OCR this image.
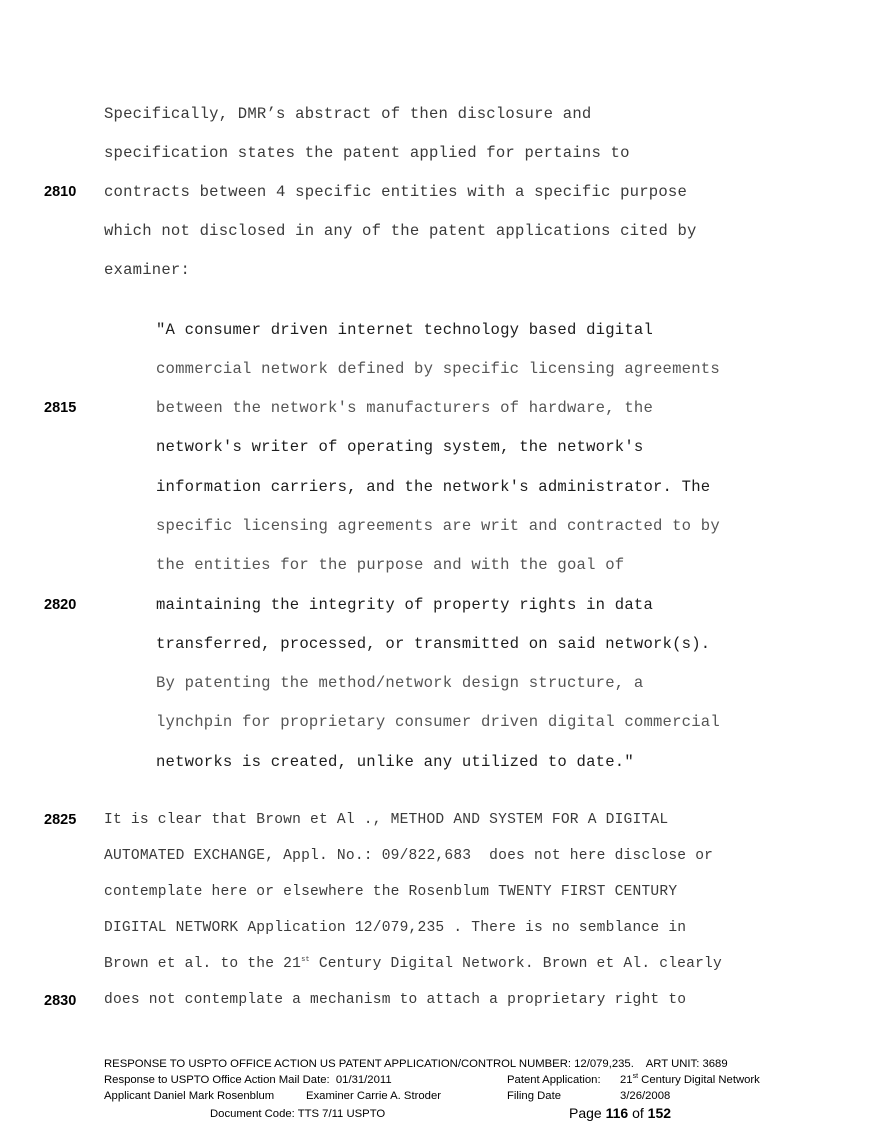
Specifically, DMR’s abstract of then disclosure and
specification states the patent applied for pertains to
2810 contracts between 4 specific entities with a specific purpose
which not disclosed in any of the patent applications cited by
examiner:
"A consumer driven internet technology based digital
commercial network defined by specific licensing agreements
2815	between the network's manufacturers of hardware, the
network's writer of operating system, the network's
information carriers, and the network's administrator. The
specific licensing agreements are writ and contracted to by
the entities for the purpose and with the goal of
2820	maintaining the integrity of property rights in data
transferred, processed, or transmitted on said network(s).
By patenting the method/network design structure, a
lynchpin for proprietary consumer driven digital commercial
networks is created, unlike any utilized to date."
2825 It is clear that Brown et Al ., METHOD AND SYSTEM FOR A DIGITAL
AUTOMATED EXCHANGE, Appl. No.: 09/822,683  does not here disclose or
contemplate here or elsewhere the Rosenblum TWENTY FIRST CENTURY
DIGITAL NETWORK Application 12/079,235 . There is no semblance in
Brown et al. to the 21st Century Digital Network. Brown et Al. clearly
2830 does not contemplate a mechanism to attach a proprietary right to
RESPONSE TO USPTO OFFICE ACTION US PATENT APPLICATION/CONTROL NUMBER: 12/079,235.    ART UNIT: 3689
Response to USPTO Office Action Mail Date:  01/31/2011	Patent Application: 21st Century Digital Network
Applicant Daniel Mark Rosenblum	Examiner Carrie A. Stroder	Filing Date	3/26/2008
Document Code: TTS 7/11 USPTO	Page 116 of 152
